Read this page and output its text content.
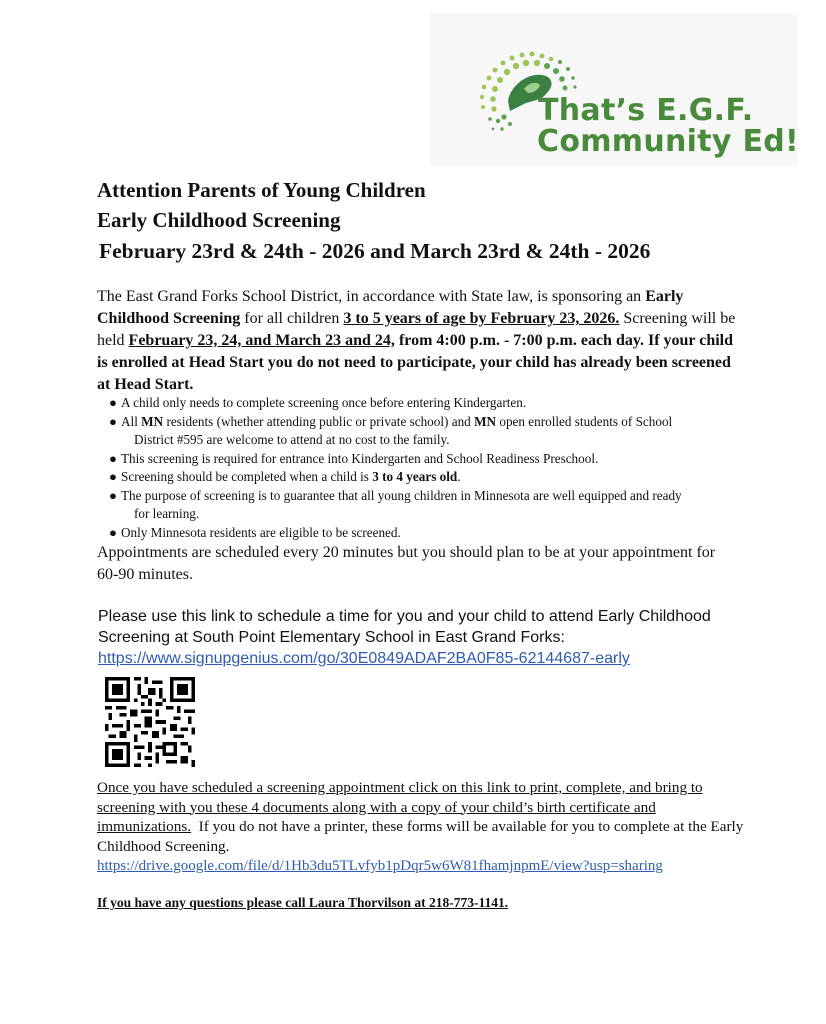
That’s E.G.F.
Community Ed!
Attention Parents of Young Children
Early Childhood Screening
February 23rd & 24th - 2026 and March 23rd & 24th - 2026
The East Grand Forks School District, in accordance with State law, is sponsoring an Early Childhood Screening for all children 3 to 5 years of age by February 23, 2026. Screening will be held February 23, 24, and March 23 and 24, from 4:00 p.m. - 7:00 p.m. each day. If your child is enrolled at Head Start you do not need to participate, your child has already been screened at Head Start.
● A child only needs to complete screening once before entering Kindergarten.
● All MN residents (whether attending public or private school) and MN open enrolled students of School
District #595 are welcome to attend at no cost to the family.
● This screening is required for entrance into Kindergarten and School Readiness Preschool.
● Screening should be completed when a child is 3 to 4 years old.
● The purpose of screening is to guarantee that all young children in Minnesota are well equipped and ready
for learning.
● Only Minnesota residents are eligible to be screened.
Appointments are scheduled every 20 minutes but you should plan to be at your appointment for 60-90 minutes.
Please use this link to schedule a time for you and your child to attend Early Childhood Screening at South Point Elementary School in East Grand Forks:
https://www.signupgenius.com/go/30E0849ADAF2BA0F85-62144687-early
Once you have scheduled a screening appointment click on this link to print, complete, and bring to screening with you these 4 documents along with a copy of your child’s birth certificate and immunizations.  If you do not have a printer, these forms will be available for you to complete at the Early Childhood Screening.
https://drive.google.com/file/d/1Hb3du5TLvfyb1pDqr5w6W81fhamjnpmE/view?usp=sharing
If you have any questions please call Laura Thorvilson at 218-773-1141.
